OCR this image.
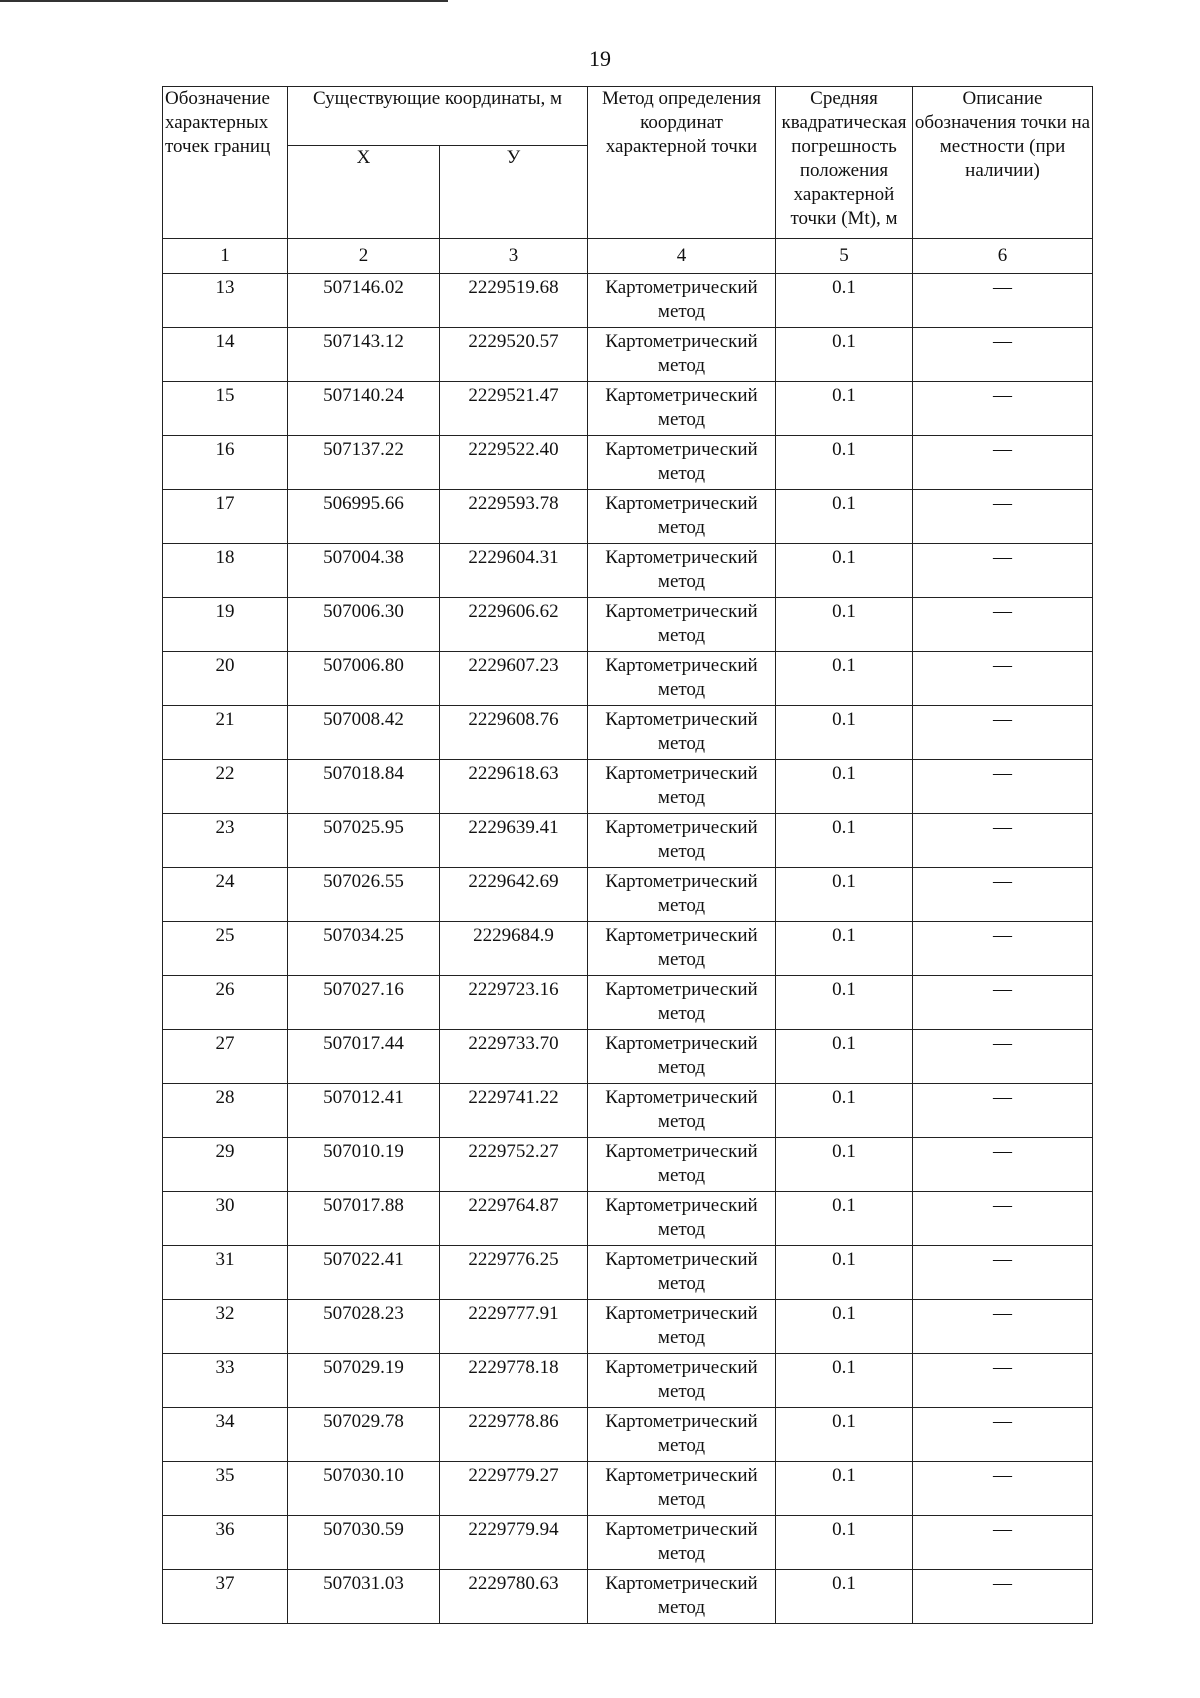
19
Обозначение характерных точек границ	Существующие координаты, м		Метод определения координат характерной точки	Средняя квадратическая погрешность положения характерной точки (Mt), м	Описание обозначения точки на местности (при наличии)
	X	У			
1	2	3	4	5	6
13	507146.02	2229519.68	Картометрический метод	0.1	—
14	507143.12	2229520.57	Картометрический метод	0.1	—
15	507140.24	2229521.47	Картометрический метод	0.1	—
16	507137.22	2229522.40	Картометрический метод	0.1	—
17	506995.66	2229593.78	Картометрический метод	0.1	—
18	507004.38	2229604.31	Картометрический метод	0.1	—
19	507006.30	2229606.62	Картометрический метод	0.1	—
20	507006.80	2229607.23	Картометрический метод	0.1	—
21	507008.42	2229608.76	Картометрический метод	0.1	—
22	507018.84	2229618.63	Картометрический метод	0.1	—
23	507025.95	2229639.41	Картометрический метод	0.1	—
24	507026.55	2229642.69	Картометрический метод	0.1	—
25	507034.25	2229684.9	Картометрический метод	0.1	—
26	507027.16	2229723.16	Картометрический метод	0.1	—
27	507017.44	2229733.70	Картометрический метод	0.1	—
28	507012.41	2229741.22	Картометрический метод	0.1	—
29	507010.19	2229752.27	Картометрический метод	0.1	—
30	507017.88	2229764.87	Картометрический метод	0.1	—
31	507022.41	2229776.25	Картометрический метод	0.1	—
32	507028.23	2229777.91	Картометрический метод	0.1	—
33	507029.19	2229778.18	Картометрический метод	0.1	—
34	507029.78	2229778.86	Картометрический метод	0.1	—
35	507030.10	2229779.27	Картометрический метод	0.1	—
36	507030.59	2229779.94	Картометрический метод	0.1	—
37	507031.03	2229780.63	Картометрический метод	0.1	—
